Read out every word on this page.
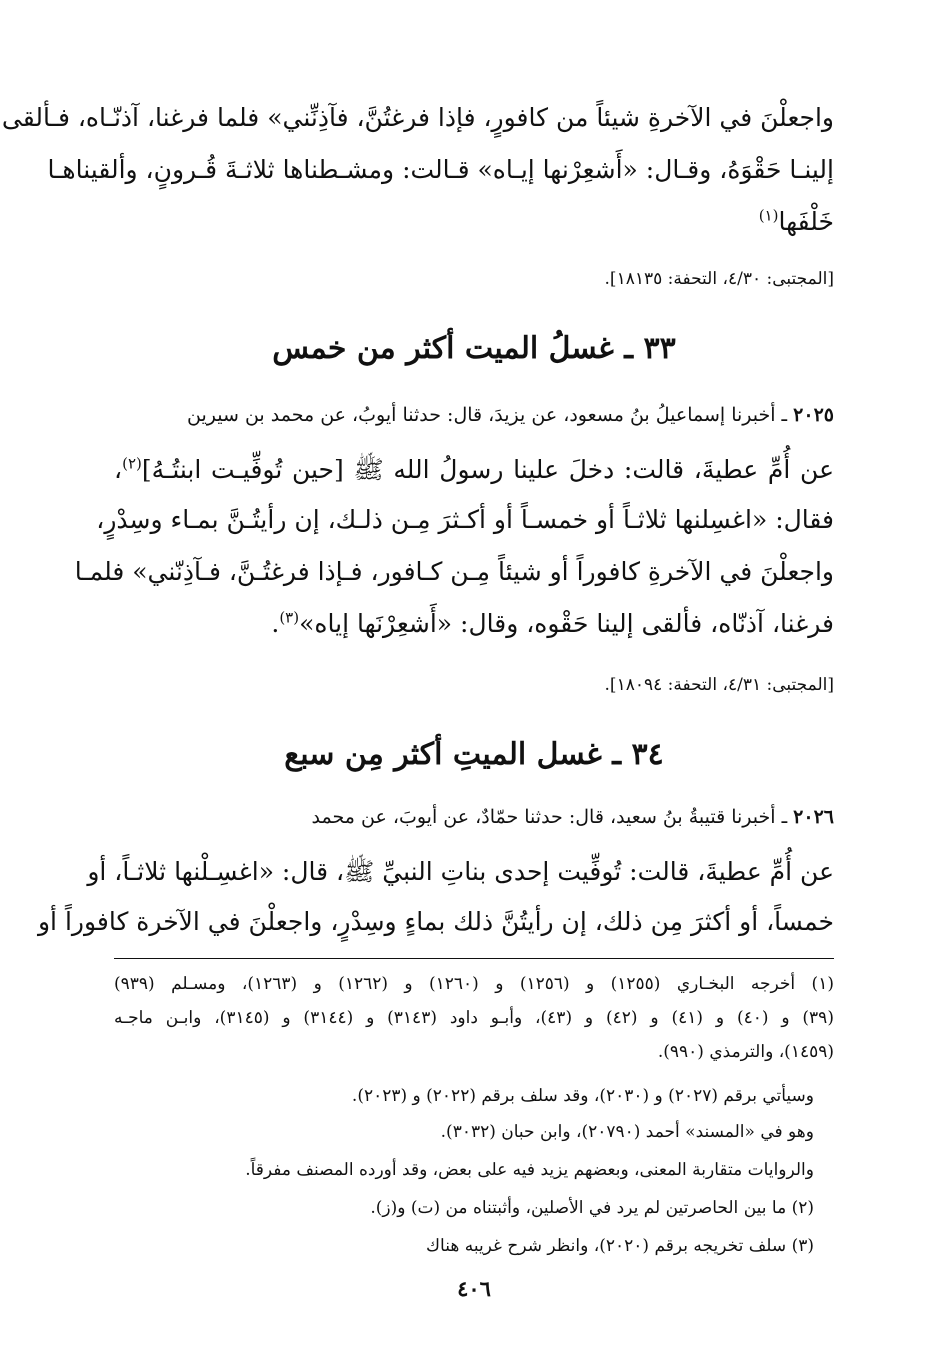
واجعلْنَ في الآخرةِ شيئاً من كافورٍ، فإذا فرغتُنَّ، فآذِنِّني» فلما فرغنا، آذنّـاه، فـألقى
إلينـا حَقْوَهُ، وقـال: «أَشعِرْنها إيـاه» قـالت: ومشـطناها ثلاثـةَ قُـرونٍ، وألقيناهـا
خَلْفَها$^{(١)}$
[المجتبى: ٤/٣٠، التحفة: ١٨١٣٥].
٣٣ ـ غسلُ الميت أكثر من خمس
٢٠٢٥ ـ أخبرنا إسماعيلُ بنُ مسعود، عن يزيدَ، قال: حدثنا أيوبُ، عن محمد بن سيرين
عن أُمِّ عطيةَ، قالت: دخلَ علينا رسولُ الله ﷺ [حين تُوفِّيـت ابنتُـهُ]$^{(٢)}$،
فقال: «اغسِلنها ثلاثـاً أو خمسـاً أو أكـثرَ مِـن ذلـك، إن رأيتُـنَّ بمـاء وسِدْرٍ،
واجعلْنَ في الآخرةِ كافوراً أو شيئاً مِـن كـافور، فـإذا فرغتُـنَّ، فـآذِنّني» فلمـا
فرغنا، آذنّاه، فألقى إلينا حَقْوه، وقال: «أَشعِرْنَها إياه»$^{(٣)}$.
[المجتبى: ٤/٣١، التحفة: ١٨٠٩٤].
٣٤ ـ غسل الميتِ أكثر مِن سبع
٢٠٢٦ ـ أخبرنا قتيبةُ بنُ سعيد، قال: حدثنا حمّادٌ، عن أيوبَ، عن محمد
عن أُمِّ عطيةَ، قالت: تُوفِّيت إحدى بناتِ النبيِّ ﷺ، قال: «اغسِـلْنها ثلاثـاً، أو
خمساً، أو أكثرَ مِن ذلك، إن رأيتُنَّ ذلك بماءٍ وسِدْرٍ، واجعلْنَ في الآخرة كافوراً أو
(١) أخرجه البخـاري (١٢٥٥) و (١٢٥٦) و (١٢٦٠) و (١٢٦٢) و (١٢٦٣)، ومسـلم (٩٣٩)
(٣٩) و (٤٠) و (٤١) و (٤٢) و (٤٣)، وأبـو داود (٣١٤٣) و (٣١٤٤) و (٣١٤٥)، وابـن ماجـه
(١٤٥٩)، والترمذي (٩٩٠).
وسيأتي برقم (٢٠٢٧) و (٢٠٣٠)، وقد سلف برقم (٢٠٢٢) و (٢٠٢٣).
وهو في «المسند» أحمد (٢٠٧٩٠)، وابن حبان (٣٠٣٢).
والروايات متقاربة المعنى، وبعضهم يزيد فيه على بعض، وقد أورده المصنف مفرقاً.
(٢) ما بين الحاصرتين لم يرد في الأصلين، وأثبتناه من (ت) و(ز).
(٣) سلف تخريجه برقم (٢٠٢٠)، وانظر شرح غريبه هناك
٤٠٦
